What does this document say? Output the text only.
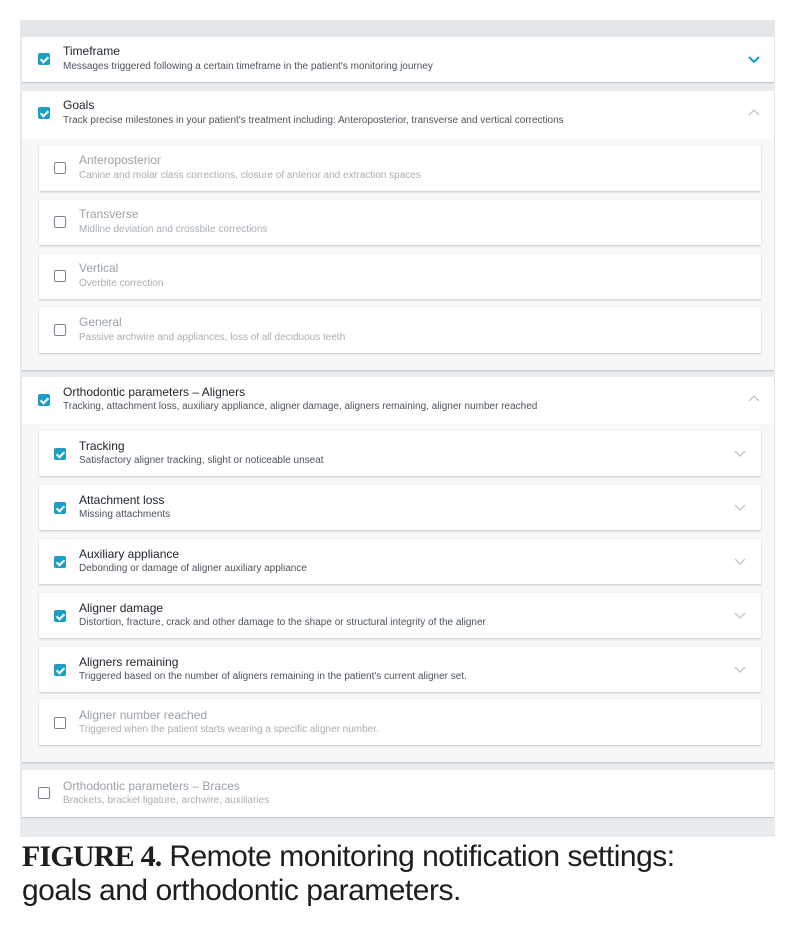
Timeframe
Messages triggered following a certain timeframe in the patient's monitoring journey
Goals
Track precise milestones in your patient's treatment including: Anteroposterior, transverse and vertical corrections
Anteroposterior
Canine and molar class corrections, closure of anterior and extraction spaces
Transverse
Midline deviation and crossbite corrections
Vertical
Overbite correction
General
Passive archwire and appliances, loss of all deciduous teeth
Orthodontic parameters – Aligners
Tracking, attachment loss, auxiliary appliance, aligner damage, aligners remaining, aligner number reached
Tracking
Satisfactory aligner tracking, slight or noticeable unseat
Attachment loss
Missing attachments
Auxiliary appliance
Debonding or damage of aligner auxiliary appliance
Aligner damage
Distortion, fracture, crack and other damage to the shape or structural integrity of the aligner
Aligners remaining
Triggered based on the number of aligners remaining in the patient's current aligner set.
Aligner number reached
Triggered when the patient starts wearing a specific aligner number.
Orthodontic parameters – Braces
Brackets, bracket ligature, archwire, auxiliaries
FIGURE 4. Remote monitoring notification settings:
goals and orthodontic parameters.
